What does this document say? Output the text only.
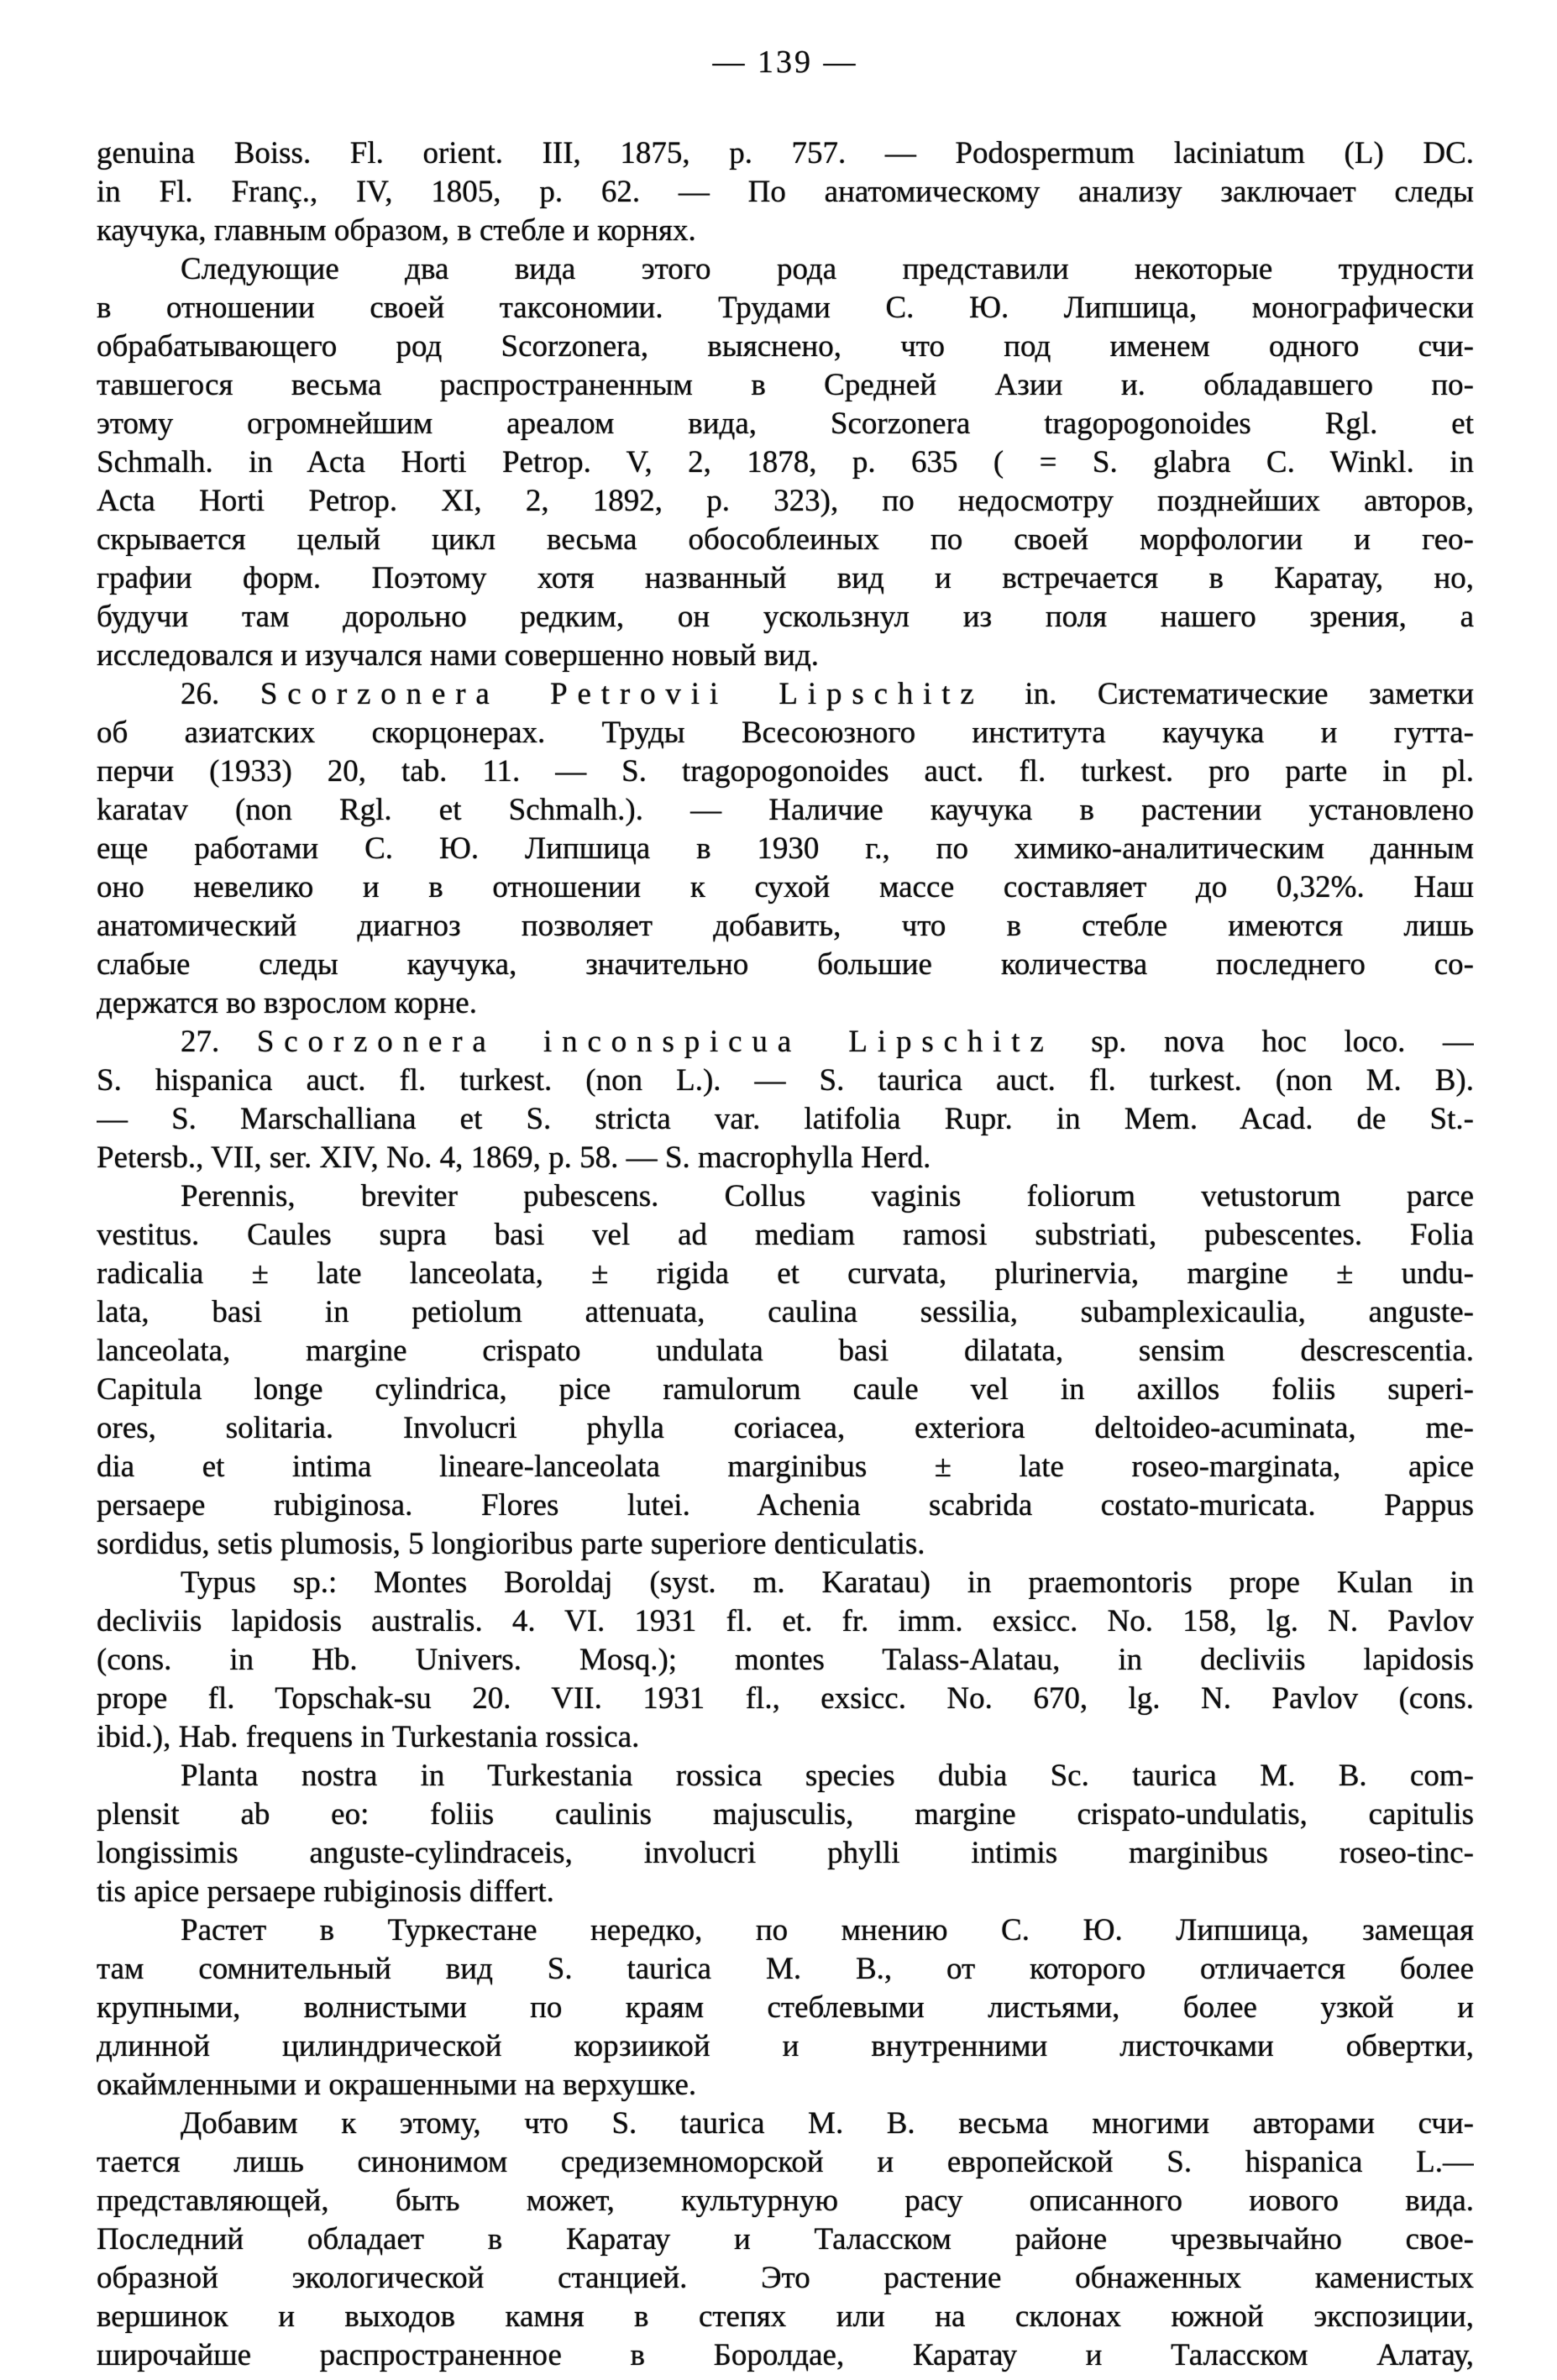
— 139 —
genuina Boiss. Fl. orient. III, 1875, p. 757. — Podospermum laciniatum (L) DC.
in Fl. Franç., IV, 1805, p. 62. — По анатомическому анализу заключает следы
каучука, главным образом, в стебле и корнях.
Следующие два вида этого рода представили некоторые трудности
в отношении своей таксономии. Трудами С. Ю. Липшица, монографически
обрабатывающего род Scorzonera, выяснено, что под именем одного счи-
тавшегося весьма распространенным в Средней Азии и. обладавшего по-
этому огромнейшим ареалом вида, Scorzonera tragopogonoides Rgl. et
Schmalh. in Acta Horti Petrop. V, 2, 1878, p. 635 ( = S. glabra C. Winkl. in
Acta Horti Petrop. XI, 2, 1892, p. 323), по недосмотру позднейших авторов,
скрывается целый цикл весьма обособлеиных по своей морфологии и гео-
графии форм. Поэтому хотя названный вид и встречается в Каратау, но,
будучи там дорольно редким, он ускользнул из поля нашего зрения, а
исследовался и изучался нами совершенно новый вид.
26. Scorzonera Petrovii Lipschitz in. Систематические заметки
об азиатских скорцонерах. Труды Всесоюзного института каучука и гутта-
перчи (1933) 20, tab. 11. — S. tragopogonoides auct. fl. turkest. pro parte in pl.
karatav (non Rgl. et Schmalh.). — Наличие каучука в растении установлено
еще работами С. Ю. Липшица в 1930 г., по химико-аналитическим данным
оно невелико и в отношении к сухой массе составляет до 0,32%. Наш
анатомический диагноз позволяет добавить, что в стебле имеются лишь
слабые следы каучука, значительно большие количества последнего со-
держатся во взрослом корне.
27. Scorzonera inconspicua Lipschitz sp. nova hoc loco. —
S. hispanica auct. fl. turkest. (non L.). — S. taurica auct. fl. turkest. (non M. B).
— S. Marschalliana et S. stricta var. latifolia Rupr. in Mem. Acad. de St.-
Petersb., VII, ser. XIV, No. 4, 1869, p. 58. — S. macrophylla Herd.
Perennis, breviter pubescens. Collus vaginis foliorum vetustorum parce
vestitus. Caules supra basi vel ad mediam ramosi substriati, pubescentes. Folia
radicalia ± late lanceolata, ± rigida et curvata, plurinervia, margine ± undu-
lata, basi in petiolum attenuata, caulina sessilia, subamplexicaulia, anguste-
lanceolata, margine crispato undulata basi dilatata, sensim descrescentia.
Capitula longe cylindrica, pice ramulorum caule vel in axillos foliis superi-
ores, solitaria. Involucri phylla coriacea, exteriora deltoideo-acuminata, me-
dia et intima lineare-lanceolata marginibus ± late roseo-marginata, apice
persaepe rubiginosa. Flores lutei. Achenia scabrida costato-muricata. Pappus
sordidus, setis plumosis, 5 longioribus parte superiore denticulatis.
Typus sp.: Montes Boroldaj (syst. m. Karatau) in praemontoris prope Kulan in
decliviis lapidosis australis. 4. VI. 1931 fl. et. fr. imm. exsicc. No. 158, lg. N. Pavlov
(cons. in Hb. Univers. Mosq.); montes Talass-Alatau, in decliviis lapidosis
prope fl. Topschak-su 20. VII. 1931 fl., exsicc. No. 670, lg. N. Pavlov (cons.
ibid.), Hab. frequens in Turkestania rossica.
Planta nostra in Turkestania rossica species dubia Sc. taurica M. B. com-
plensit ab eo: foliis caulinis majusculis, margine crispato-undulatis, capitulis
longissimis anguste-cylindraceis, involucri phylli intimis marginibus roseo-tinc-
tis apice persaepe rubiginosis differt.
Растет в Туркестане нередко, по мнению С. Ю. Липшица, замещая
там сомнительный вид S. taurica M. B., от которого отличается более
крупными, волнистыми по краям стеблевыми листьями, более узкой и
длинной цилиндрической корзиикой и внутренними листочками обвертки,
окаймленными и окрашенными на верхушке.
Добавим к этому, что S. taurica M. B. весьма многими авторами счи-
тается лишь синонимом средиземноморской и европейской S. hispanica L.—
представляющей, быть может, культурную расу описанного иового вида.
Последний обладает в Каратау и Таласском районе чрезвычайно свое-
образной экологической станцией. Это растение обнаженных каменистых
вершинок и выходов камня в степях или на склонах южной экспозиции,
широчайше распространенное в Боролдае, Каратау и Таласском Алатау,
